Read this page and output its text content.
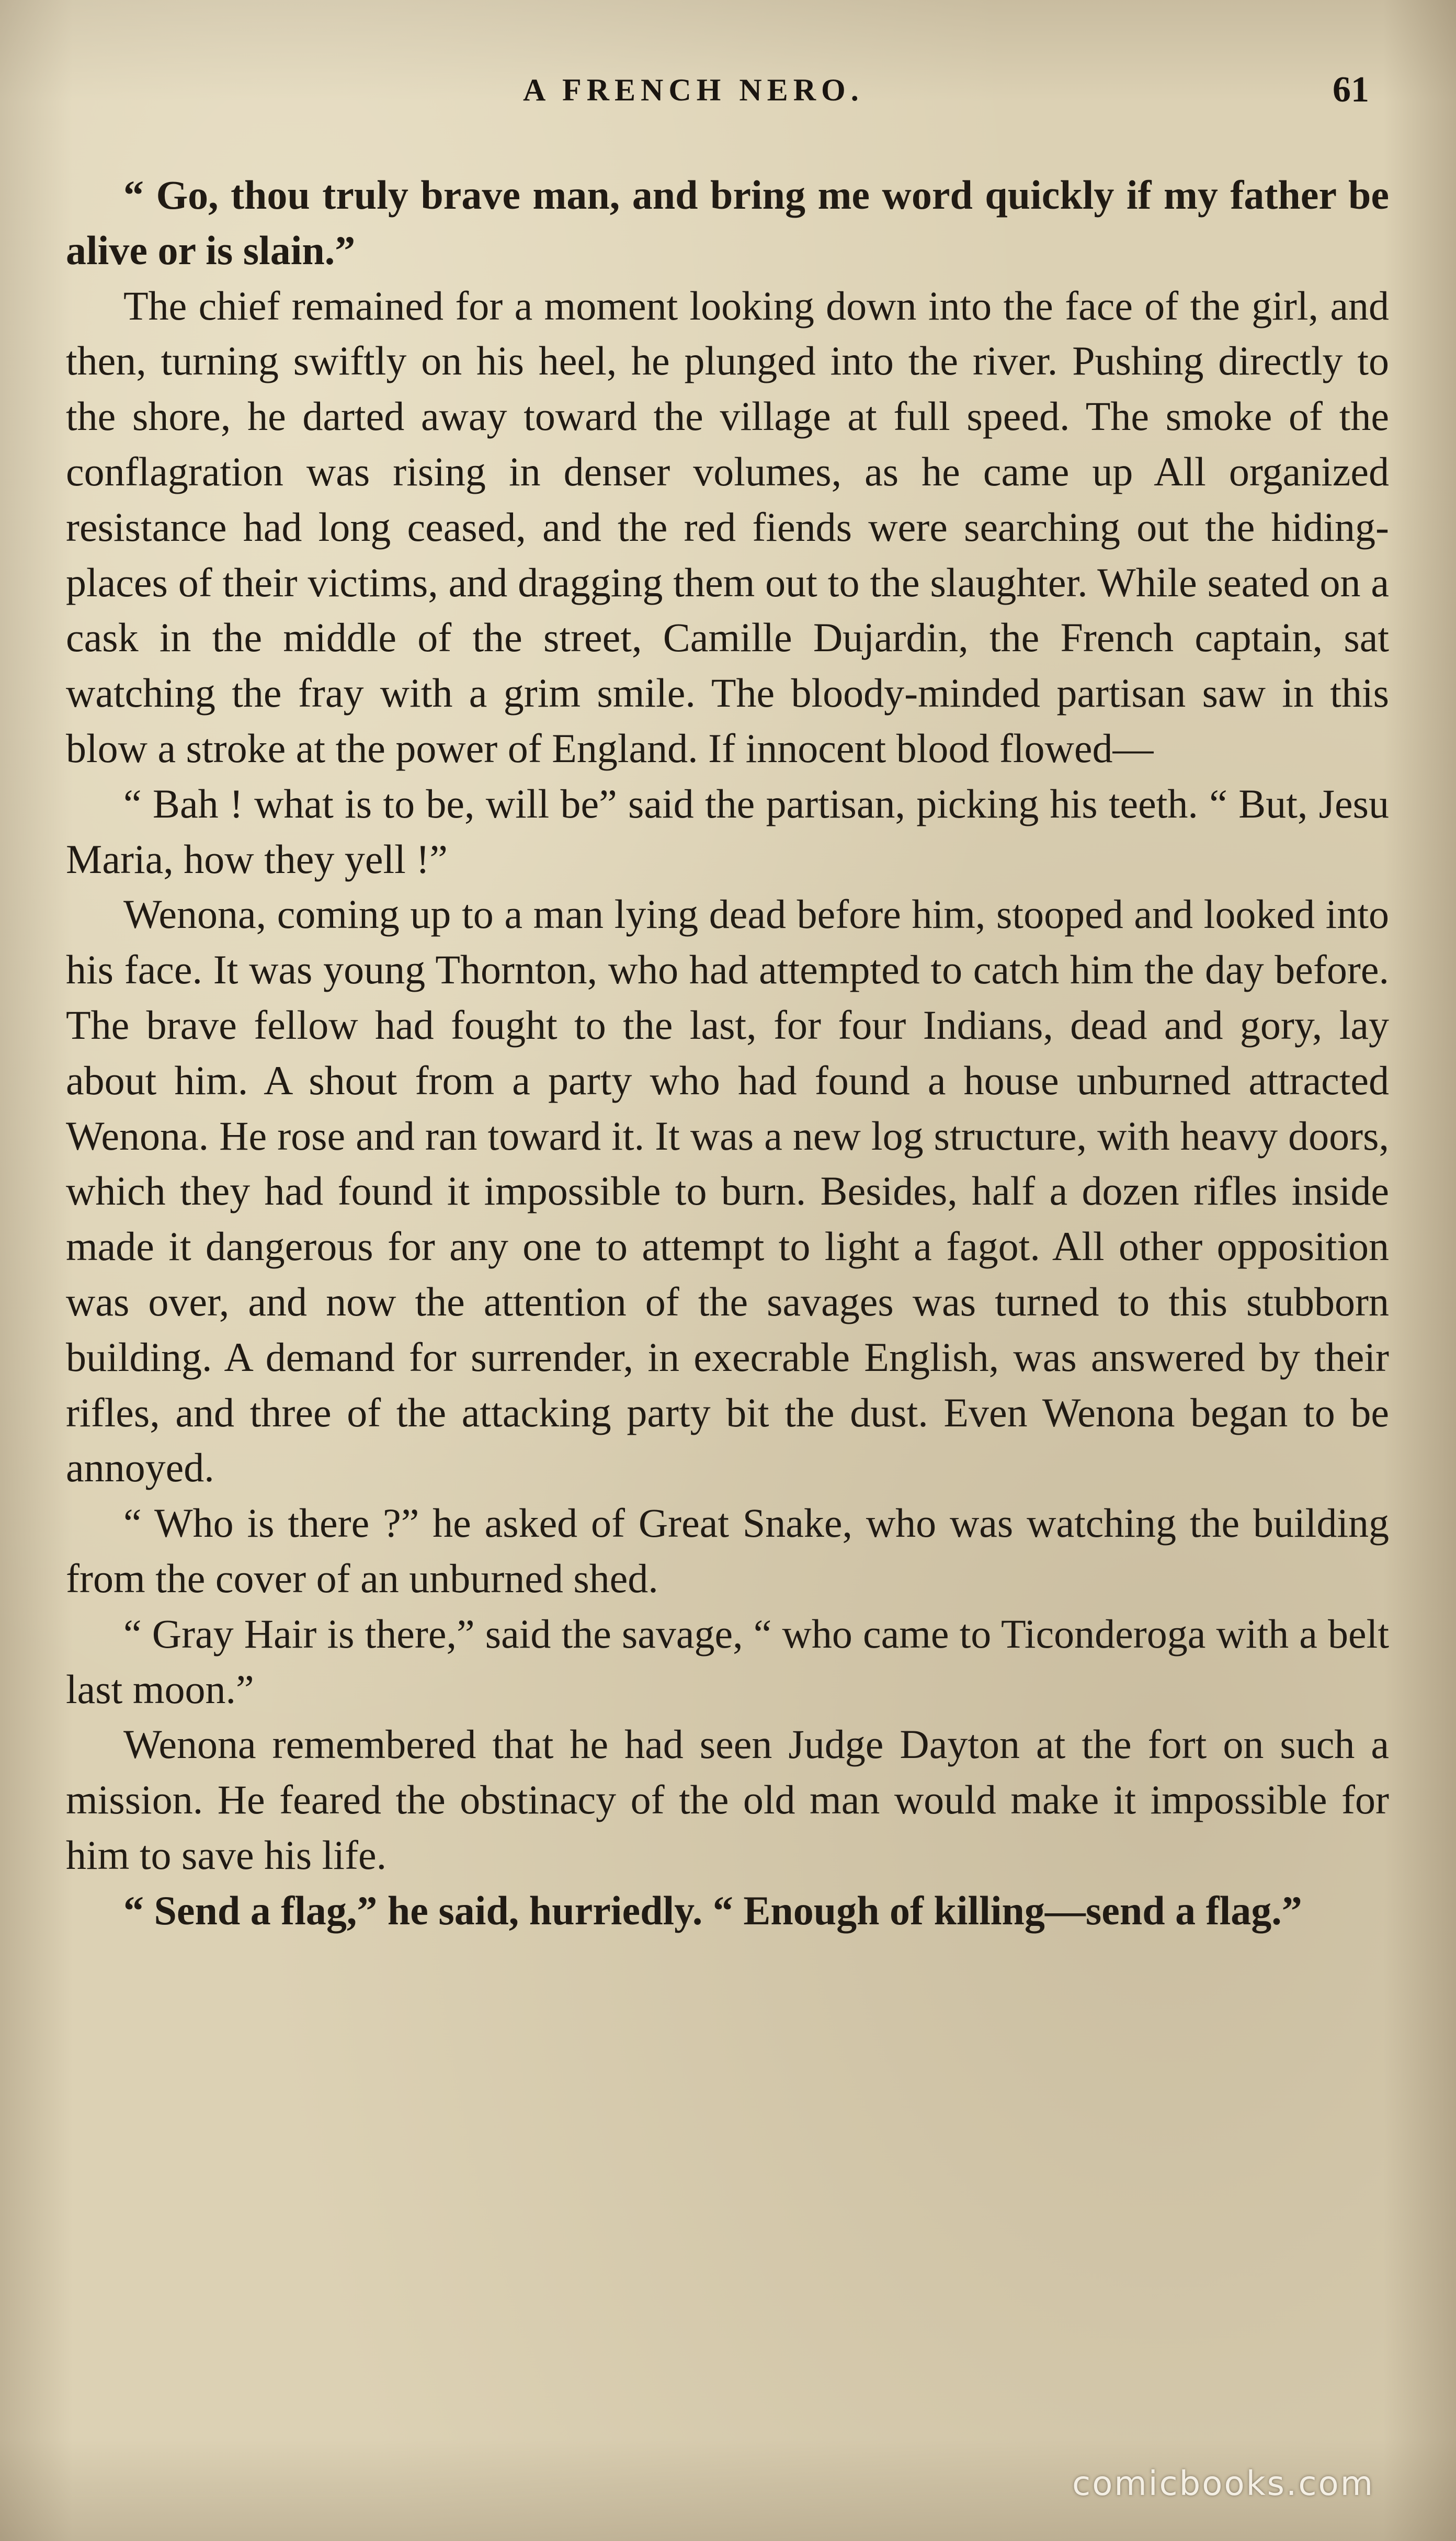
A FRENCH NERO.	61

“ Go, thou truly brave man, and bring me word quickly if my father be alive or is slain.”

The chief remained for a moment looking down into the face of the girl, and then, turning swiftly on his heel, he plunged into the river. Pushing directly to the shore, he darted away toward the village at full speed. The smoke of the conflagration was rising in denser volumes, as he came up All organized resistance had long ceased, and the red fiends were searching out the hiding-places of their victims, and dragging them out to the slaughter. While seated on a cask in the middle of the street, Camille Dujardin, the French captain, sat watching the fray with a grim smile. The bloody-minded partisan saw in this blow a stroke at the power of England. If innocent blood flowed—

“ Bah ! what is to be, will be” said the partisan, picking his teeth. “ But, Jesu Maria, how they yell !”

Wenona, coming up to a man lying dead before him, stooped and looked into his face. It was young Thornton, who had attempted to catch him the day before. The brave fellow had fought to the last, for four Indians, dead and gory, lay about him. A shout from a party who had found a house unburned attracted Wenona. He rose and ran toward it. It was a new log structure, with heavy doors, which they had found it impossible to burn. Besides, half a dozen rifles inside made it dangerous for any one to attempt to light a fagot. All other opposition was over, and now the attention of the savages was turned to this stubborn building. A demand for surrender, in execrable English, was answered by their rifles, and three of the attacking party bit the dust. Even Wenona began to be annoyed.

“ Who is there ?” he asked of Great Snake, who was watching the building from the cover of an unburned shed.

“ Gray Hair is there,” said the savage, “ who came to Ticonderoga with a belt last moon.”

Wenona remembered that he had seen Judge Dayton at the fort on such a mission. He feared the obstinacy of the old man would make it impossible for him to save his life.

“ Send a flag,” he said, hurriedly. “ Enough of killing—send a flag.”

comicbooks.com
